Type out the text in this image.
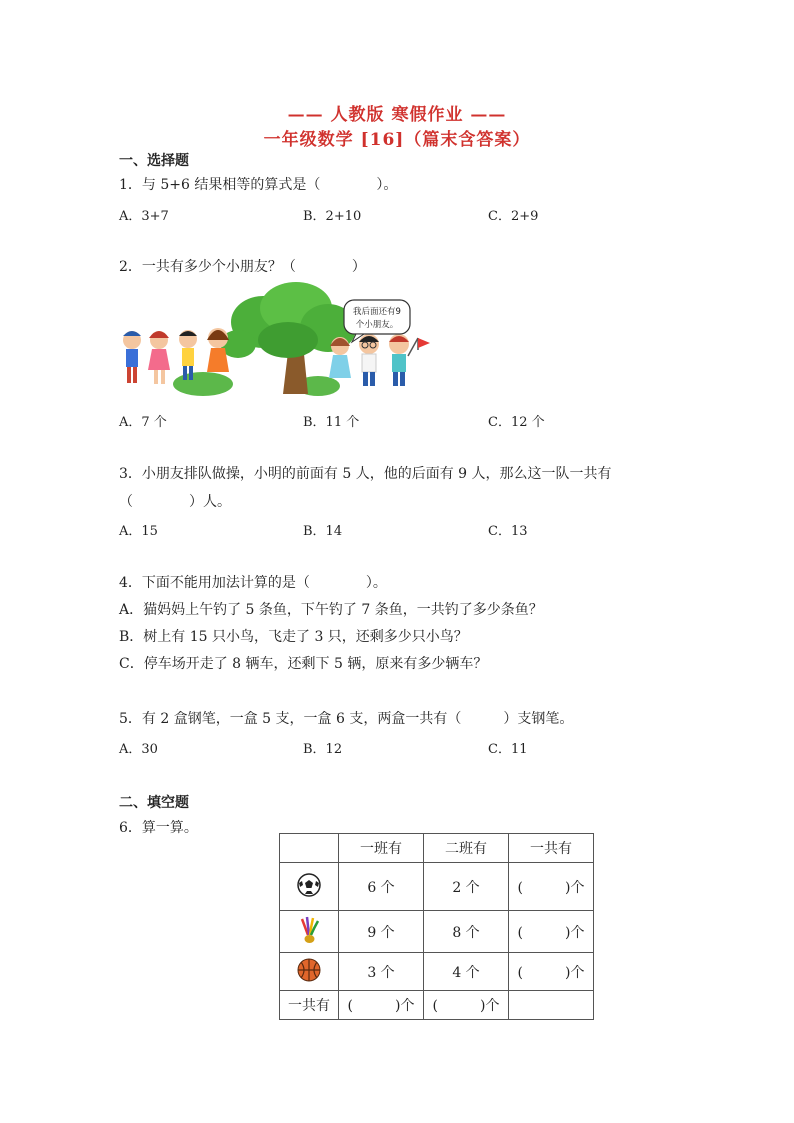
—— 人教版 寒假作业 ——
一年级数学 [16]（篇末含答案）
一、选择题
1．与 5+6 结果相等的算式是（　　　　）。
A．3+7	B．2+10	C．2+9
2．一共有多少个小朋友？（　　　　）
我后面还有9
个小朋友。
A．7 个	B．11 个	C．12 个
3．小朋友排队做操，小明的前面有 5 人，他的后面有 9 人，那么这一队一共有
（　　　　）人。
A．15	B．14	C．13
4．下面不能用加法计算的是（　　　　）。
A．猫妈妈上午钓了 5 条鱼，下午钓了 7 条鱼，一共钓了多少条鱼？
B．树上有 15 只小鸟，飞走了 3 只，还剩多少只小鸟？
C．停车场开走了 8 辆车，还剩下 5 辆，原来有多少辆车？
5．有 2 盒钢笔，一盒 5 支，一盒 6 支，两盒一共有（　　　）支钢笔。
A．30	B．12	C．11
二、填空题
6．算一算。
	一班有	二班有	一共有
	6 个	2 个	(　　　)个
	9 个	8 个	(　　　)个
	3 个	4 个	(　　　)个
一共有	(　　　)个	(　　　)个	
